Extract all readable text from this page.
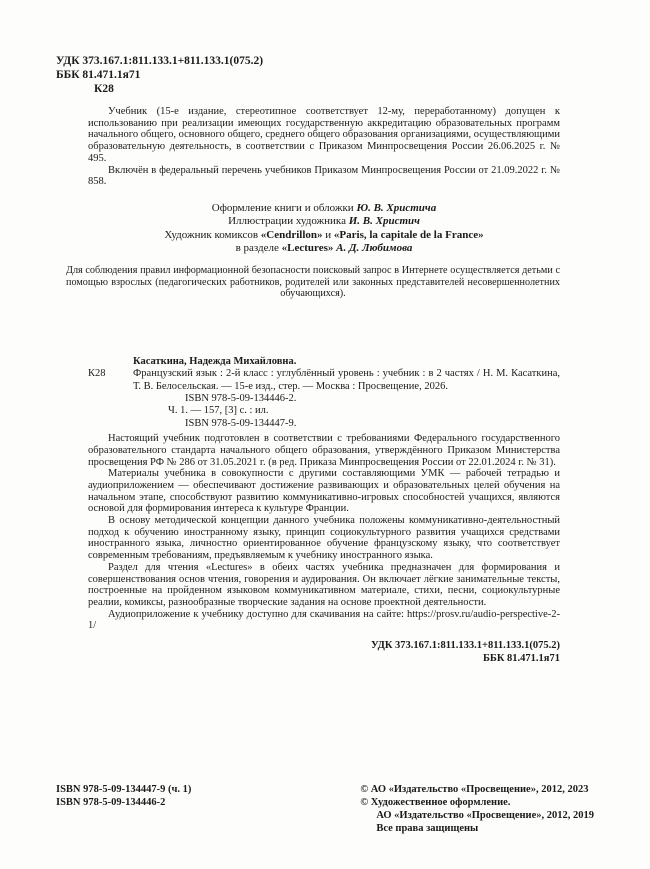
УДК 373.167.1:811.133.1+811.133.1(075.2)
ББК 81.471.1я71
К28

Учебник (15-е издание, стереотипное соответствует 12-му, переработанному) допущен к использованию при реализации имеющих государственную аккредитацию образовательных программ начального общего, основного общего, среднего общего образования организациями, осуществляющими образовательную деятельность, в соответствии с Приказом Минпросвещения России 26.06.2025 г. № 495.

Включён в федеральный перечень учебников Приказом Минпросвещения России от 21.09.2022 г. № 858.

Оформление книги и обложки Ю. В. Христича
Иллюстрации художника И. В. Христич
Художник комиксов «Cendrillon» и «Paris, la capitale de la France»
в разделе «Lectures» А. Д. Любимова

Для соблюдения правил информационной безопасности поисковый запрос в Интернете осуществляется детьми с помощью взрослых (педагогических работников, родителей или законных представителей несовершеннолетних обучающихся).

К28

Касаткина, Надежда Михайловна.

Французский язык : 2-й класс : углублённый уровень : учебник : в 2 частях / Н. М. Касаткина, Т. В. Белосельская. — 15-е изд., стер. — Москва : Просвещение, 2026.

ISBN 978-5-09-134446-2.

Ч. 1. — 157, [3] с. : ил.

ISBN 978-5-09-134447-9.

Настоящий учебник подготовлен в соответствии с требованиями Федерального государственного образовательного стандарта начального общего образования, утверждённого Приказом Министерства просвещения РФ № 286 от 31.05.2021 г. (в ред. Приказа Минпросвещения России от 22.01.2024 г. № 31).

Материалы учебника в совокупности с другими составляющими УМК — рабочей тетрадью и аудиоприложением — обеспечивают достижение развивающих и образовательных целей обучения на начальном этапе, способствуют развитию коммуникативно-игровых способностей учащихся, являются основой для формирования интереса к культуре Франции.

В основу методической концепции данного учебника положены коммуникативно-деятельностный подход к обучению иностранному языку, принцип социокультурного развития учащихся средствами иностранного языка, личностно ориентированное обучение французскому языку, что соответствует современным требованиям, предъявляемым к учебнику иностранного языка.

Раздел для чтения «Lectures» в обеих частях учебника предназначен для формирования и совершенствования основ чтения, говорения и аудирования. Он включает лёгкие занимательные тексты, построенные на пройденном языковом коммуникативном материале, стихи, песни, социокультурные реалии, комиксы, разнообразные творческие задания на основе проектной деятельности.

Аудиоприложение к учебнику доступно для скачивания на сайте: https://prosv.ru/audio-perspective-2-1/

УДК 373.167.1:811.133.1+811.133.1(075.2)
ББК 81.471.1я71
ISBN 978-5-09-134447-9 (ч. 1)
ISBN 978-5-09-134446-2
© АО «Издательство «Просвещение», 2012, 2023
© Художественное оформление.
АО «Издательство «Просвещение», 2012, 2019
Все права защищены
